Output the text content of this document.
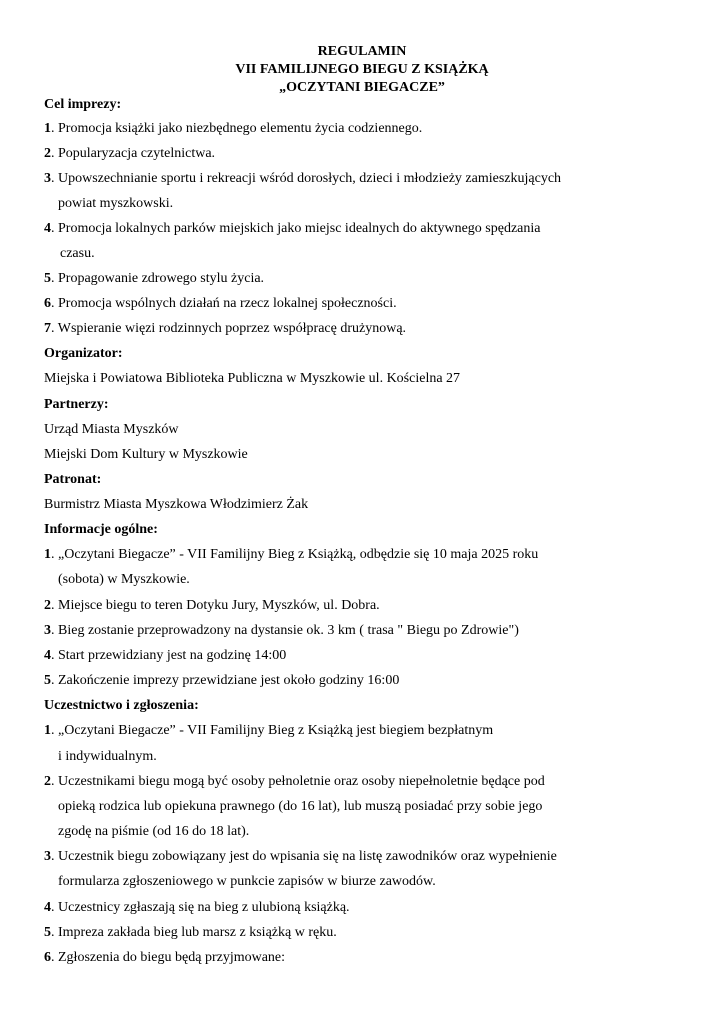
REGULAMIN
VII FAMILIJNEGO BIEGU Z KSIĄŻKĄ
„OCZYTANI BIEGACZE”
Cel imprezy:
1. Promocja książki jako niezbędnego elementu życia codziennego.
2. Popularyzacja czytelnictwa.
3. Upowszechnianie sportu i rekreacji wśród dorosłych, dzieci i młodzieży zamieszkujących
powiat myszkowski.
4. Promocja lokalnych parków miejskich jako miejsc idealnych do aktywnego spędzania
czasu.
5. Propagowanie zdrowego stylu życia.
6. Promocja wspólnych działań na rzecz lokalnej społeczności.
7. Wspieranie więzi rodzinnych poprzez współpracę drużynową.
Organizator:
Miejska i Powiatowa Biblioteka Publiczna w Myszkowie ul. Kościelna 27
Partnerzy:
Urząd Miasta Myszków
Miejski Dom Kultury w Myszkowie
Patronat:
Burmistrz Miasta Myszkowa Włodzimierz Żak
Informacje ogólne:
1. „Oczytani Biegacze” - VII Familijny Bieg z Książką, odbędzie się 10 maja 2025 roku
(sobota) w Myszkowie.
2. Miejsce biegu to teren Dotyku Jury, Myszków, ul. Dobra.
3. Bieg zostanie przeprowadzony na dystansie ok. 3 km ( trasa " Biegu po Zdrowie")
4. Start przewidziany jest na godzinę 14:00
5. Zakończenie imprezy przewidziane jest około godziny 16:00
Uczestnictwo i zgłoszenia:
1. „Oczytani Biegacze” - VII Familijny Bieg z Książką jest biegiem bezpłatnym
i indywidualnym.
2. Uczestnikami biegu mogą być osoby pełnoletnie oraz osoby niepełnoletnie będące pod
opieką rodzica lub opiekuna prawnego (do 16 lat), lub muszą posiadać przy sobie jego
zgodę na piśmie (od 16 do 18 lat).
3. Uczestnik biegu zobowiązany jest do wpisania się na listę zawodników oraz wypełnienie
formularza zgłoszeniowego w punkcie zapisów w biurze zawodów.
4. Uczestnicy zgłaszają się na bieg z ulubioną książką.
5. Impreza zakłada bieg lub marsz z książką w ręku.
6. Zgłoszenia do biegu będą przyjmowane:
